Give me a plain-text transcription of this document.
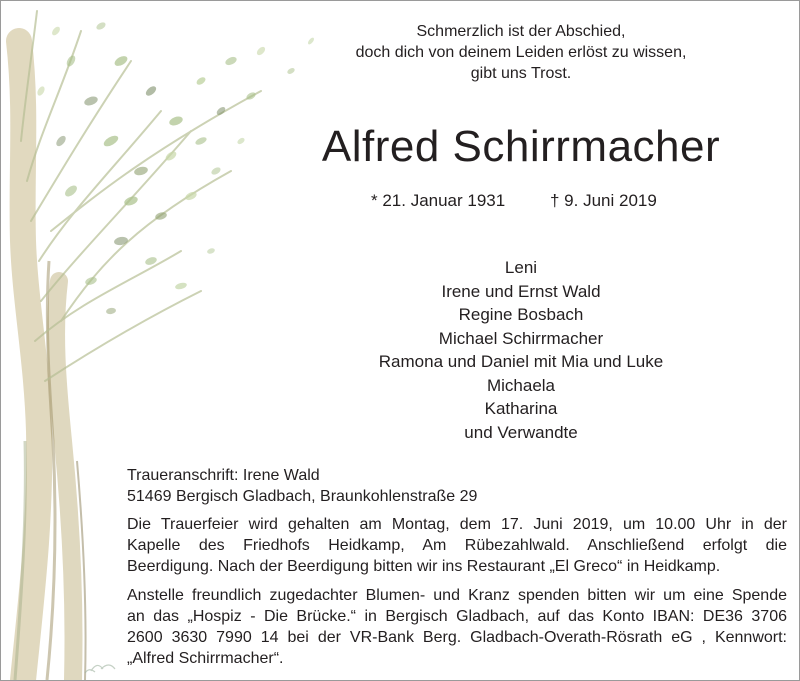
Schmerzlich ist der Abschied,
doch dich von deinem Leiden erlöst zu wissen,
gibt uns Trost.
Alfred Schirrmacher
* 21. Januar 1931	† 9. Juni 2019
Leni
Irene und Ernst Wald
Regine Bosbach
Michael Schirrmacher
Ramona und Daniel mit Mia und Luke
Michaela
Katharina
und Verwandte
Traueranschrift: Irene Wald
51469 Bergisch Gladbach, Braunkohlenstraße 29
Die Trauerfeier wird gehalten am Montag, dem 17. Juni 2019, um 10.00 Uhr in der
Kapelle des Friedhofs Heidkamp, Am Rübezahlwald. Anschließend erfolgt die
Beerdigung. Nach der Beerdigung bitten wir ins Restaurant „El Greco“ in Heidkamp.
Anstelle freundlich zugedachter Blumen- und Kranz spenden bitten wir um eine Spende
an das „Hospiz - Die Brücke.“ in Bergisch Gladbach, auf das Konto IBAN: DE36 3706
2600 3630 7990 14 bei der VR-Bank Berg. Gladbach-Overath-Rösrath eG , Kennwort:
„Alfred Schirrmacher“.
